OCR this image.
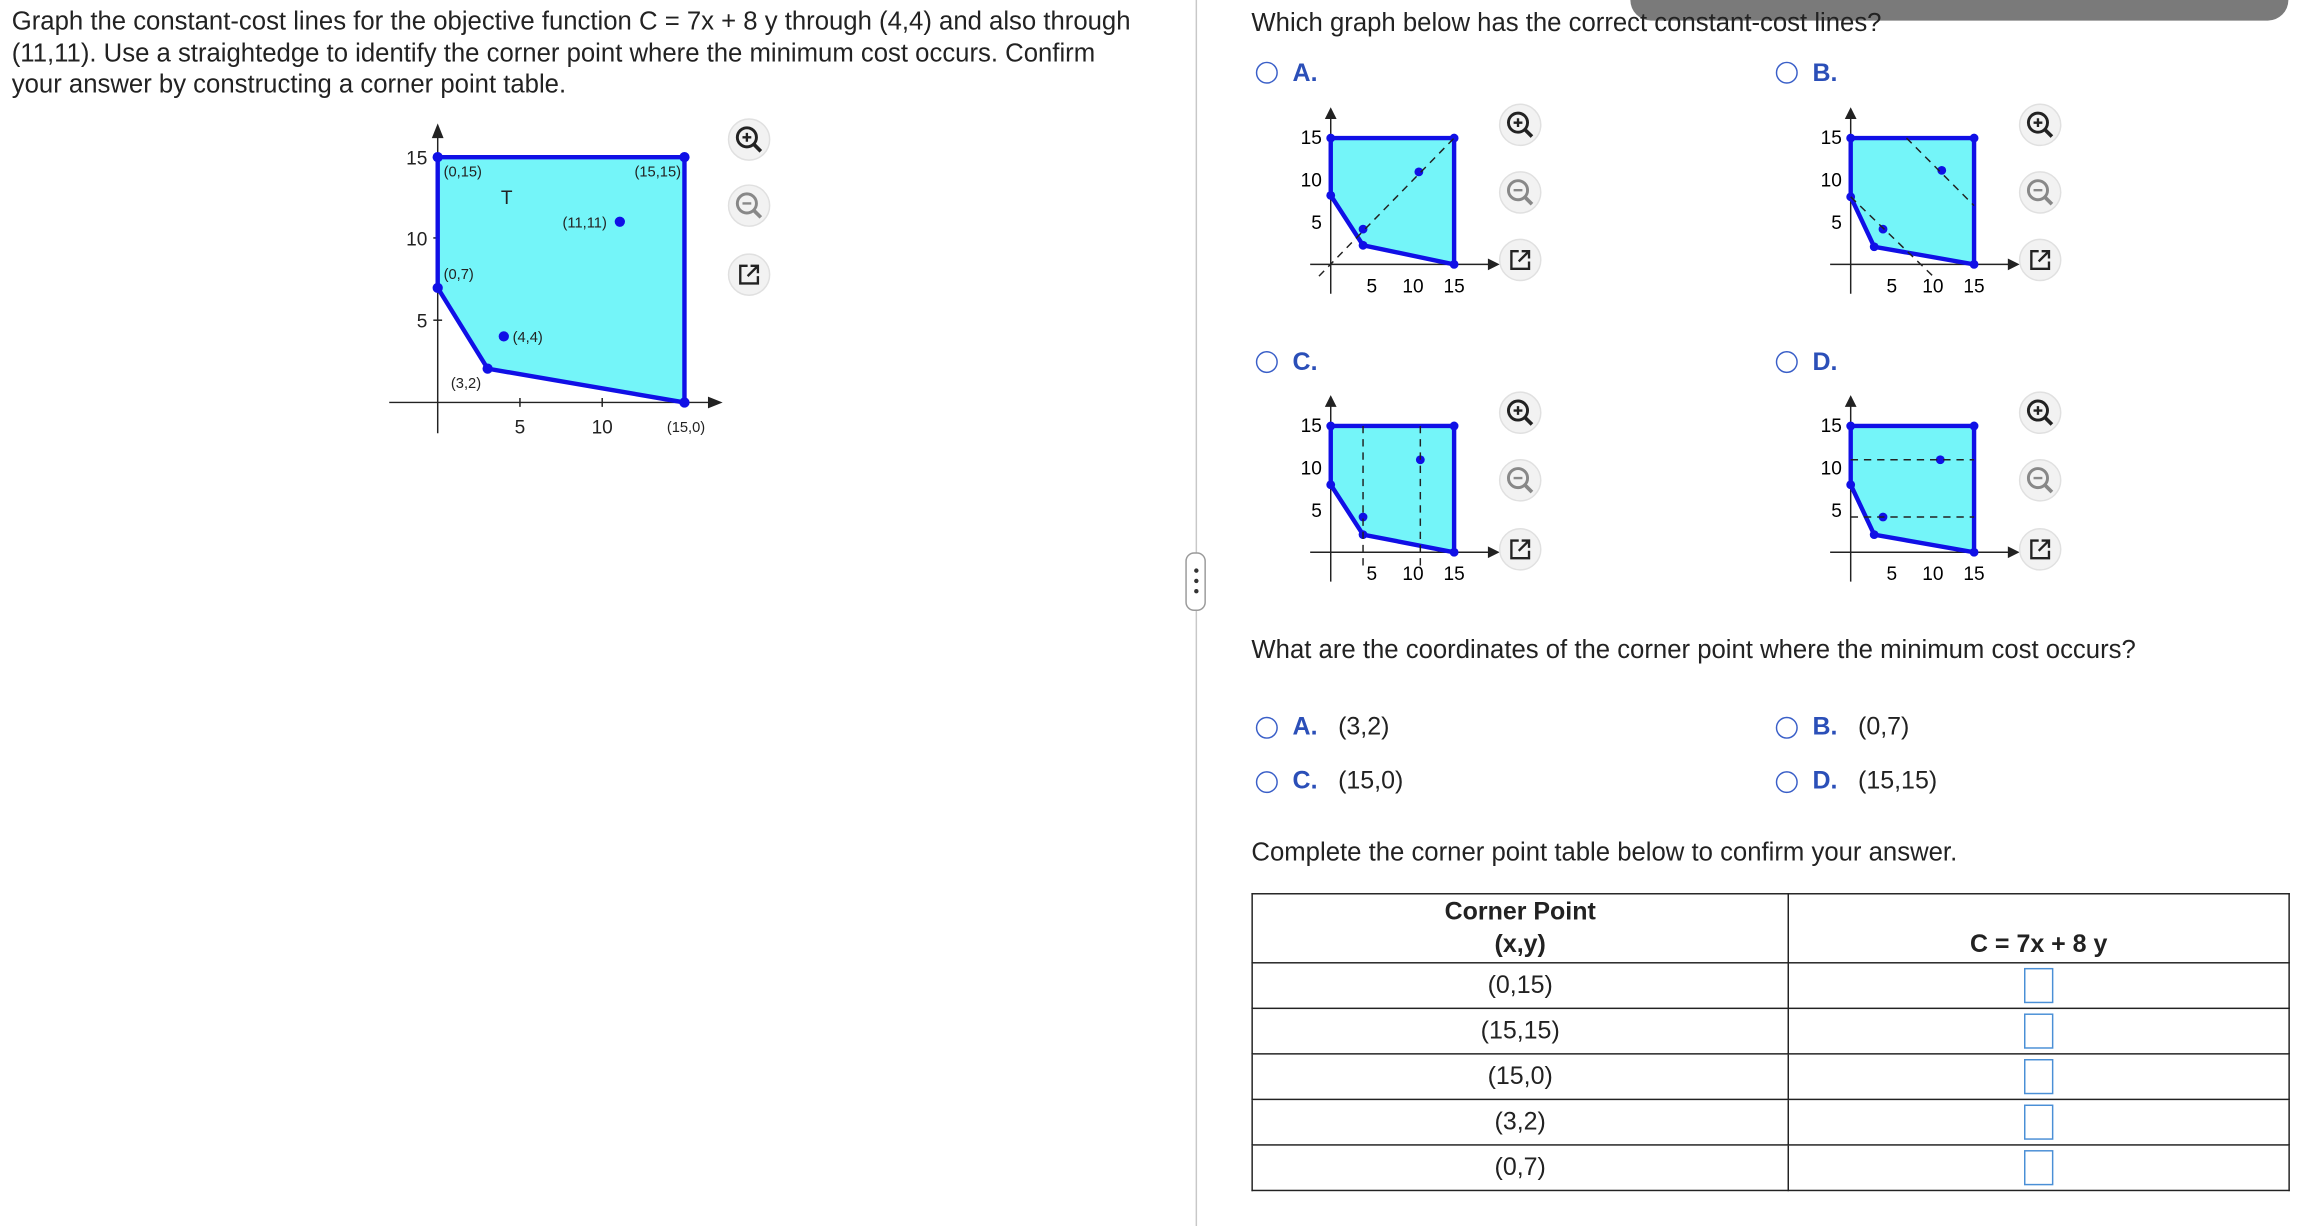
Graph the constant-cost lines for the objective function C = 7x + 8 y through (4,4) and also through
(11,11). Use a straightedge to identify the corner point where the minimum cost occurs. Confirm
your answer by constructing a corner point table.
15
10
5
5	10
(0,15)	(15,15)
T
(11,11)
(0,7)
(4,4)
(3,2)
(15,0)
Which graph below has the correct constant-cost lines?
A.
15
10
5
5 10 15
B.
15
10
5
5 10 15
C.
15
10
5
5 10 15
D.
15
10
5
5 10 15
What are the coordinates of the corner point where the minimum cost occurs?
A. (3,2)	B. (0,7)
C. (15,0)	D. (15,15)
Complete the corner point table below to confirm your answer.
Corner Point
(x,y)	C = 7x + 8 y
(0,15)	
(15,15)	
(15,0)	
(3,2)	
(0,7)	
